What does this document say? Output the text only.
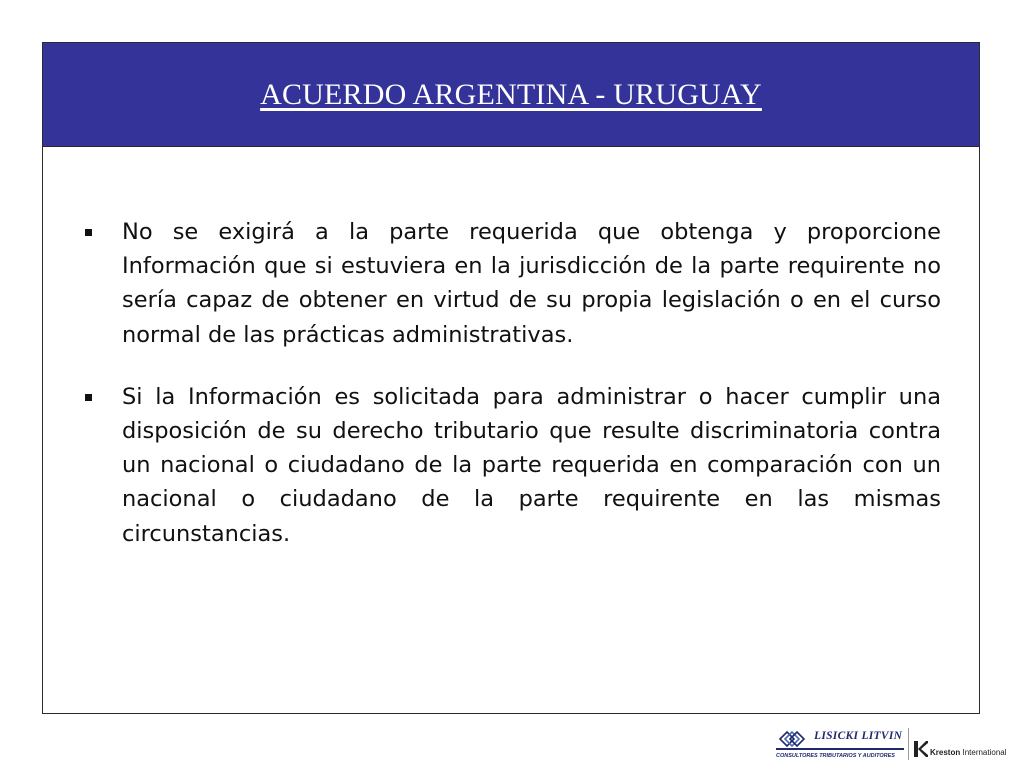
ACUERDO ARGENTINA - URUGUAY
No se exigirá a la parte requerida que obtenga y proporcione Información que si estuviera en la jurisdicción de la parte requirente no sería capaz de obtener en virtud de su propia legislación o en el curso normal de las prácticas administrativas.
Si la Información es solicitada para administrar o hacer cumplir una disposición de su derecho tributario que resulte discriminatoria contra un nacional o ciudadano de la parte requerida en comparación con un nacional o ciudadano de la parte requirente en las mismas circunstancias.
LISICKI LITVIN
CONSULTORES TRIBUTARIOS Y AUDITORES	Kreston International
